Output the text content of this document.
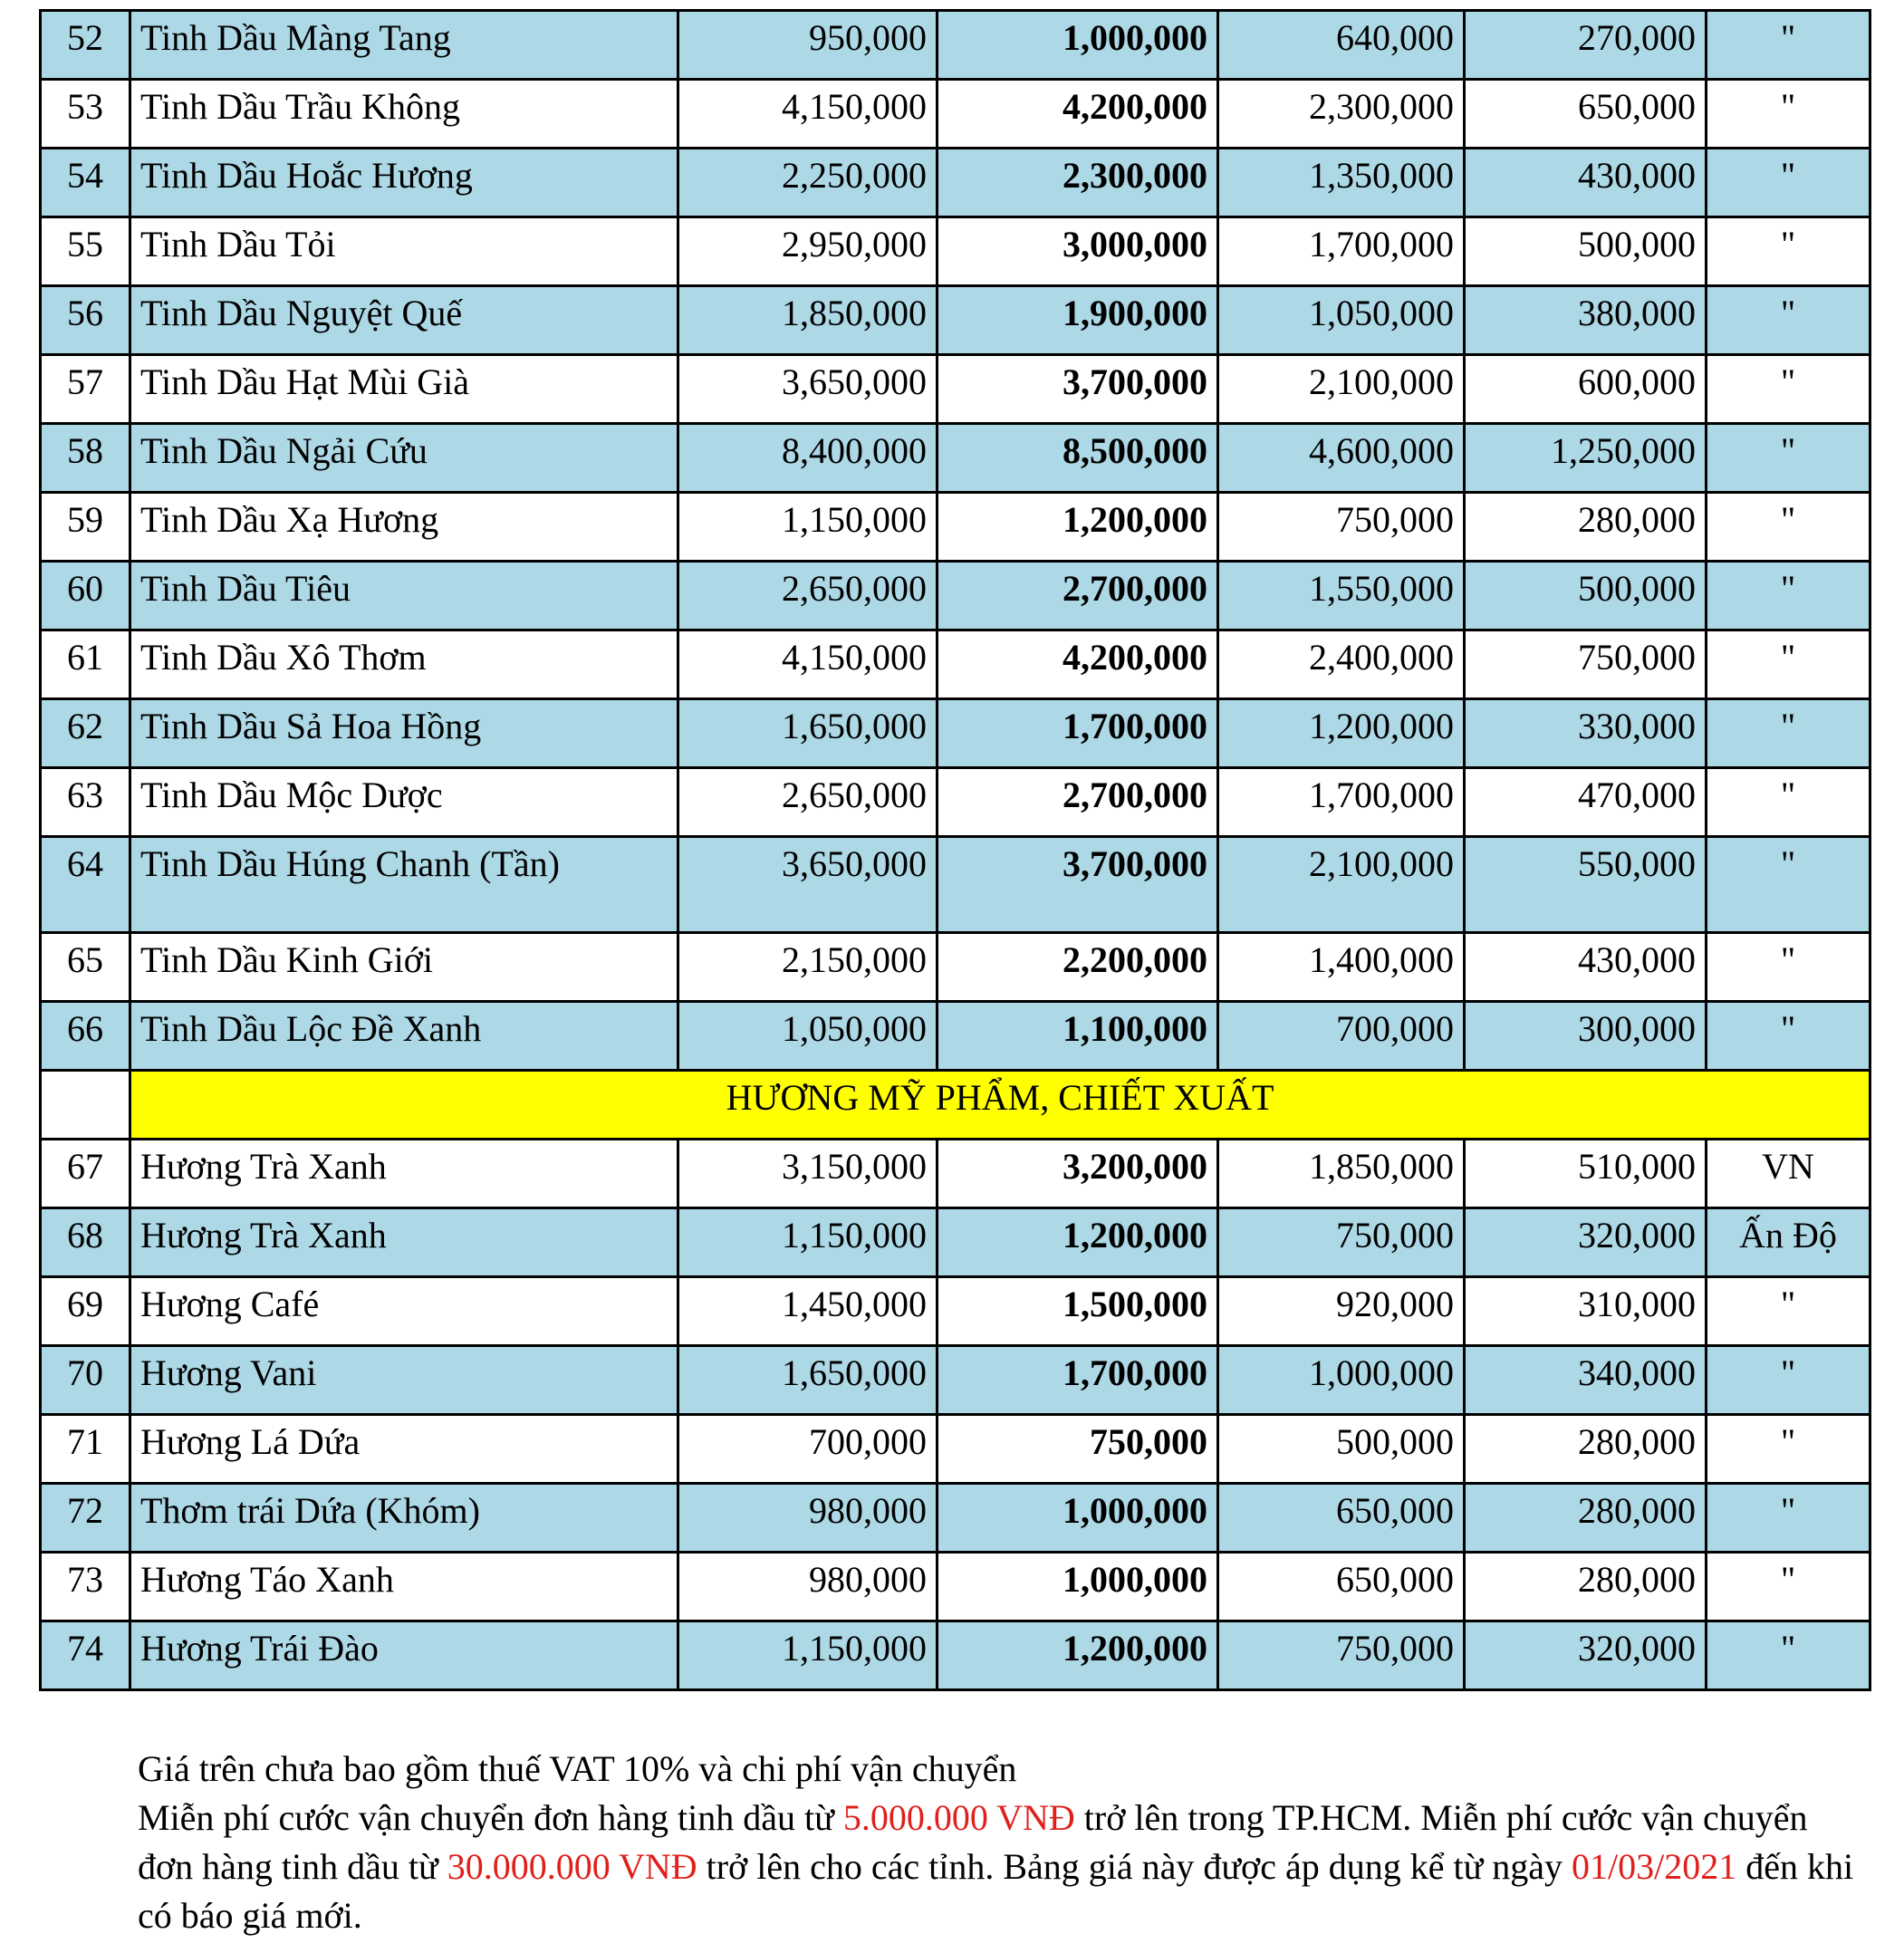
52	Tinh Dầu Màng Tang	950,000	1,000,000	640,000	270,000	"
53	Tinh Dầu Trầu Không	4,150,000	4,200,000	2,300,000	650,000	"
54	Tinh Dầu Hoắc Hương	2,250,000	2,300,000	1,350,000	430,000	"
55	Tinh Dầu Tỏi	2,950,000	3,000,000	1,700,000	500,000	"
56	Tinh Dầu Nguyệt Quế	1,850,000	1,900,000	1,050,000	380,000	"
57	Tinh Dầu Hạt Mùi Già	3,650,000	3,700,000	2,100,000	600,000	"
58	Tinh Dầu Ngải Cứu	8,400,000	8,500,000	4,600,000	1,250,000	"
59	Tinh Dầu Xạ Hương	1,150,000	1,200,000	750,000	280,000	"
60	Tinh Dầu Tiêu	2,650,000	2,700,000	1,550,000	500,000	"
61	Tinh Dầu Xô Thơm	4,150,000	4,200,000	2,400,000	750,000	"
62	Tinh Dầu Sả Hoa Hồng	1,650,000	1,700,000	1,200,000	330,000	"
63	Tinh Dầu Mộc Dược	2,650,000	2,700,000	1,700,000	470,000	"
64	Tinh Dầu Húng Chanh (Tần)	3,650,000	3,700,000	2,100,000	550,000	"
65	Tinh Dầu Kinh Giới	2,150,000	2,200,000	1,400,000	430,000	"
66	Tinh Dầu Lộc Đề Xanh	1,050,000	1,100,000	700,000	300,000	"
	HƯƠNG MỸ PHẨM, CHIẾT XUẤT					
67	Hương Trà Xanh	3,150,000	3,200,000	1,850,000	510,000	VN
68	Hương Trà Xanh	1,150,000	1,200,000	750,000	320,000	Ấn Độ
69	Hương Café	1,450,000	1,500,000	920,000	310,000	"
70	Hương Vani	1,650,000	1,700,000	1,000,000	340,000	"
71	Hương Lá Dứa	700,000	750,000	500,000	280,000	"
72	Thơm trái Dứa (Khóm)	980,000	1,000,000	650,000	280,000	"
73	Hương Táo Xanh	980,000	1,000,000	650,000	280,000	"
74	Hương Trái Đào	1,150,000	1,200,000	750,000	320,000	"
Giá trên chưa bao gồm thuế VAT 10% và chi phí vận chuyển
Miễn phí cước vận chuyển đơn hàng tinh dầu từ 5.000.000 VNĐ trở lên trong TP.HCM. Miễn phí cước vận chuyển đơn hàng tinh dầu từ 30.000.000 VNĐ trở lên cho các tỉnh. Bảng giá này được áp dụng kể từ ngày 01/03/2021 đến khi có báo giá mới.
